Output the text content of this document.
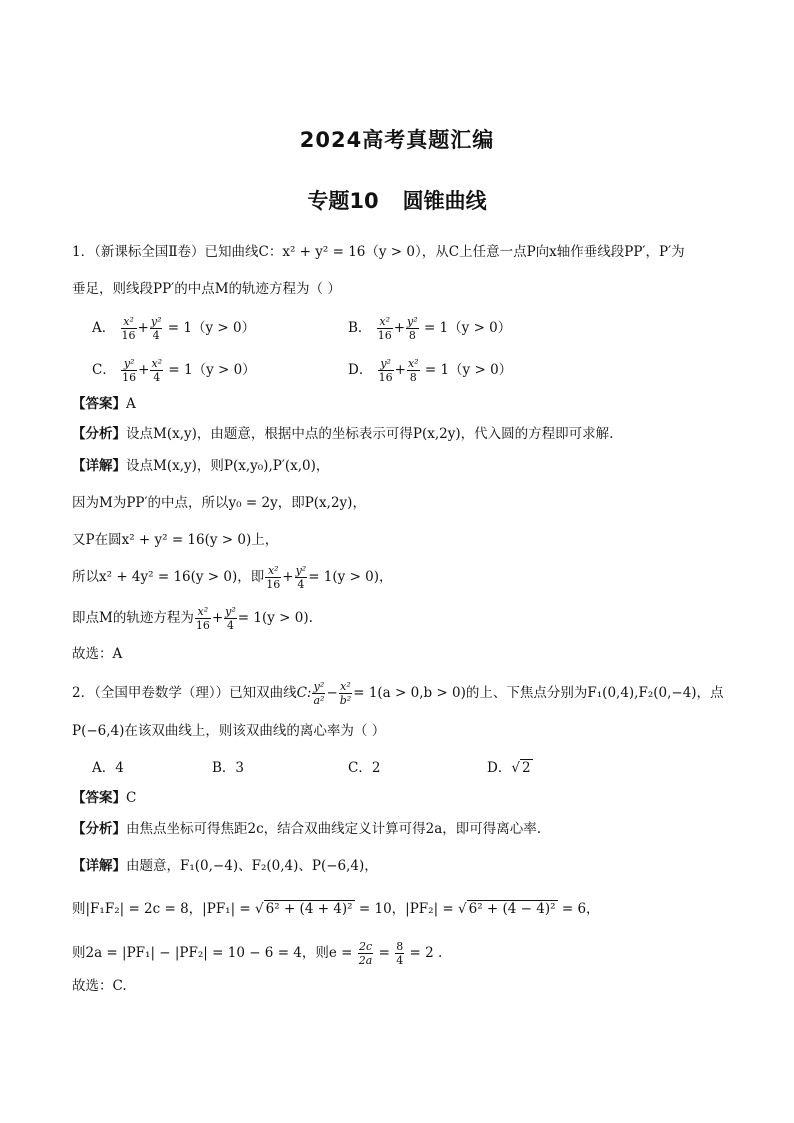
2024高考真题汇编
专题10 圆锥曲线
1．（新课标全国Ⅱ卷）已知曲线C：x² + y² = 16（y > 0），从C上任意一点P向x轴作垂线段PP′，P′为
垂足，则线段PP′的中点M的轨迹方程为（ ）
A． $\frac{\text{x²}}{16} + \frac{\text{y²}}{4} = 1(y > 0)$	B． $\frac{\text{x²}}{16} + \frac{\text{y²}}{8} = 1(y > 0)$
C． $\frac{\text{y²}}{16} + \frac{\text{x²}}{4} = 1(y > 0)$	D． $\frac{\text{y²}}{16} + \frac{\text{x²}}{8} = 1(y > 0)$
【答案】A
【分析】设点M(x,y)，由题意，根据中点的坐标表示可得P(x,2y)，代入圆的方程即可求解.
【详解】设点M(x,y)，则P(x,y₀),P′(x,0)，
因为M为PP′的中点，所以y₀ = 2y，即P(x,2y)，
又P在圆x² + y² = 16(y > 0)上，
所以x² + 4y² = 16(y > 0)，即 $\frac{\text{x²}}{16} + \frac{\text{y²}}{4} = 1(y > 0)$，
即点M的轨迹方程为 $\frac{\text{x²}}{16} + \frac{\text{y²}}{4} = 1(y > 0)$.
故选：A
2．（全国甲卷数学（理））已知双曲线C: $\frac{\text{y²}}{\text{a²}} - \frac{\text{x²}}{\text{b²}} = 1(a > 0,b > 0)$的上、下焦点分别为F₁(0,4),F₂(0,−4)，点
P(−6,4)在该双曲线上，则该双曲线的离心率为（ ）
A．4	B．3	C．2	D．√ 2
【答案】C
【分析】由焦点坐标可得焦距2c，结合双曲线定义计算可得2a，即可得离心率.
【详解】由题意，F₁(0,−4)、F₂(0,4)、P(−6,4)，
则|F₁F₂| = 2c = 8，|PF₁| = √ 6² + (4 + 4)² = 10，|PF₂| = √ 6² + (4 − 4)² = 6，
则2a = |PF₁| − |PF₂| = 10 − 6 = 4，则$e = \frac{2c}{2a} = \frac{8}{4} = 2$ .
故选：C.
